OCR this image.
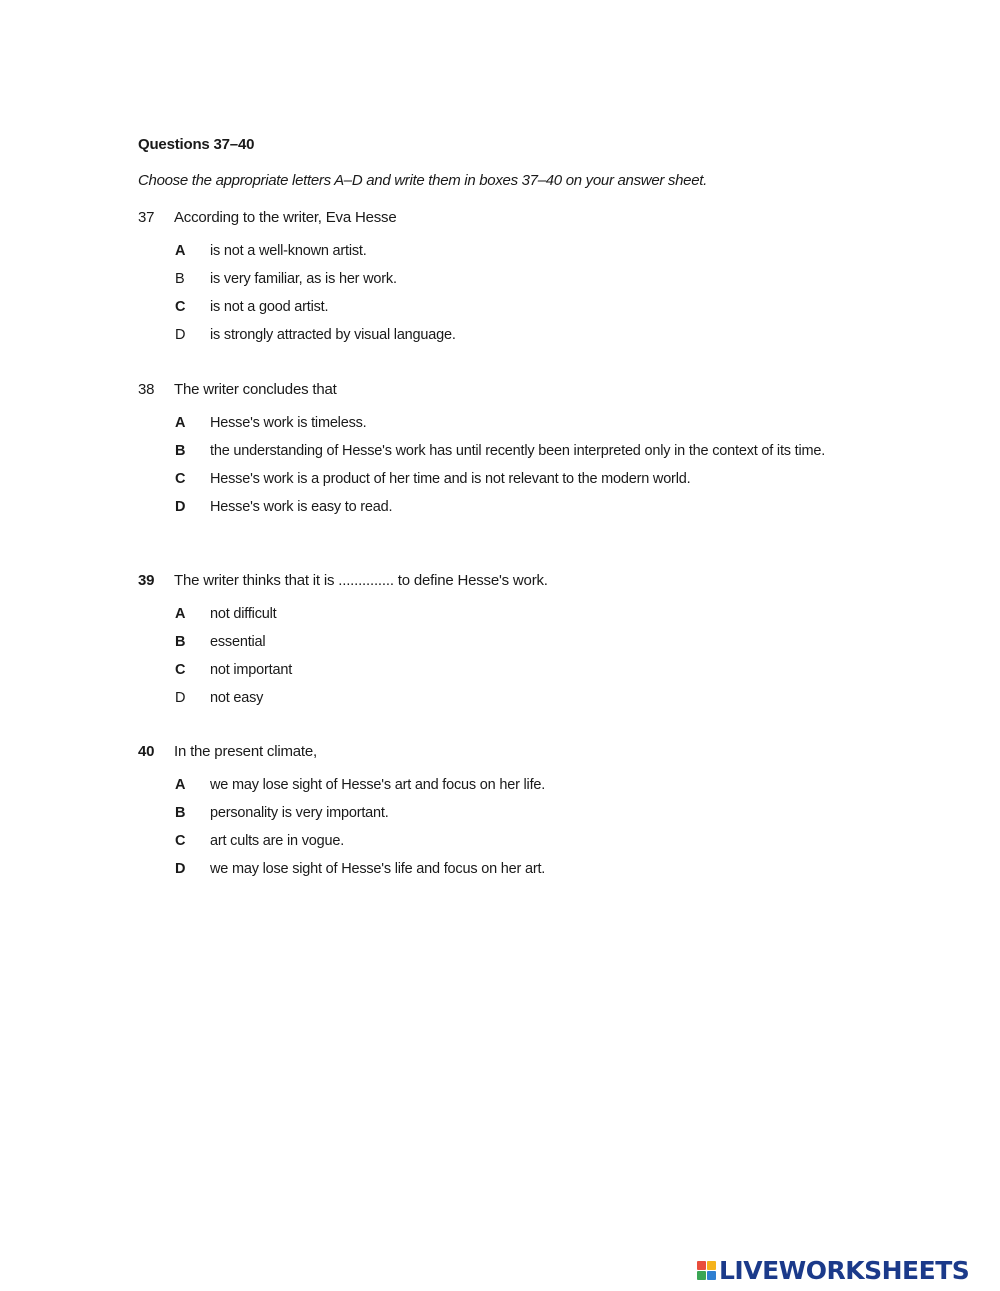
Questions 37–40
Choose the appropriate letters A–D and write them in boxes 37–40 on your answer sheet.
37 According to the writer, Eva Hesse
A is not a well-known artist.
B is very familiar, as is her work.
C is not a good artist.
D is strongly attracted by visual language.
38 The writer concludes that
A Hesse's work is timeless.
B the understanding of Hesse's work has until recently been interpreted only in the context of its time.
C Hesse's work is a product of her time and is not relevant to the modern world.
D Hesse's work is easy to read.
39 The writer thinks that it is .............. to define Hesse's work.
A not difficult
B essential
C not important
D not easy
40 In the present climate,
A we may lose sight of Hesse's art and focus on her life.
B personality is very important.
C art cults are in vogue.
D we may lose sight of Hesse's life and focus on her art.
LIVEWORKSHEETS
